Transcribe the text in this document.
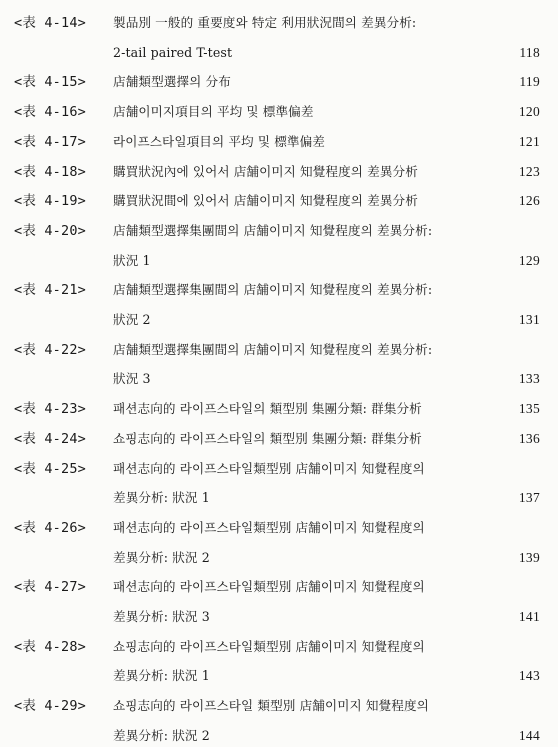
<表 4-14> 製品別 一般的 重要度와 特定 利用狀況間의 差異分析:
2-tail paired T-test	118
<表 4-15> 店舗類型選擇의 分布	119
<表 4-16> 店舗이미지項目의 平均 및 標準偏差	120
<表 4-17> 라이프스타일項目의 平均 및 標準偏差	121
<表 4-18> 購買狀況內에 있어서 店舗이미지 知覺程度의 差異分析	123
<表 4-19> 購買狀況間에 있어서 店舗이미지 知覺程度의 差異分析	126
<表 4-20> 店舗類型選擇集團間의 店舗이미지 知覺程度의 差異分析:
狀況 1	129
<表 4-21> 店舗類型選擇集團間의 店舗이미지 知覺程度의 差異分析:
狀況 2	131
<表 4-22> 店舗類型選擇集團間의 店舗이미지 知覺程度의 差異分析:
狀況 3	133
<表 4-23> 패션志向的 라이프스타일의 類型別 集團分類: 群集分析	135
<表 4-24> 쇼핑志向的 라이프스타일의 類型別 集團分類: 群集分析	136
<表 4-25> 패션志向的 라이프스타일類型別 店舗이미지 知覺程度의
差異分析: 狀況 1	137
<表 4-26> 패션志向的 라이프스타일類型別 店舗이미지 知覺程度의
差異分析: 狀況 2	139
<表 4-27> 패션志向的 라이프스타일類型別 店舗이미지 知覺程度의
差異分析: 狀況 3	141
<表 4-28> 쇼핑志向的 라이프스타일類型別 店舗이미지 知覺程度의
差異分析: 狀況 1	143
<表 4-29> 쇼핑志向的 라이프스타일 類型別 店舗이미지 知覺程度의
差異分析: 狀況 2	144
